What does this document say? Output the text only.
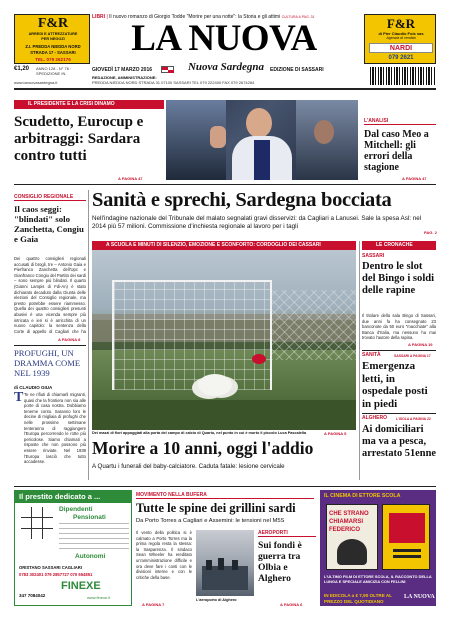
F&R
ARREDI E ATTREZZATURE
PER NEGOZI
Z.I. PREDDA NIEDDA NORD
STRADA 17 - SASSARI
TEL. 079 262176
LIBRI | Il nuovo romanzo di Giorgio Todde "Morire per una notte": la Storia e gli attimi CULTURA A PAG. 31
LA NUOVA
Nuova Sardegna	EDIZIONE DI SASSARI
F&R
di Pier Claudio Fois sas
Agenzia di vendita
NARDI
079 2621
€1,20 ANNO 128 - N° 76 · SPEDIZIONE IN
www.lanuovasardegna.it
GIOVEDÌ 17 MARZO 2016
REDAZIONE, AMMINISTRAZIONE:
PREDDA NIEDDA NORD STRADA 31 07100 SASSARI TEL 079 222400 FAX 079 2674284
IL PRESIDENTE E LA CRISI DINAMO
Scudetto, Eurocup e arbitraggi: Sardara contro tutti
A PAGINA 47
L'ANALISI
Dal caso Meo a Mitchell: gli errori della stagione
A PAGINA 47
Sanità e sprechi, Sardegna bocciata
Nell'indagine nazionale del Tribunale del malato segnalati gravi disservizi: da Cagliari a Lanusei. Sale la spesa Asl: nel 2014 più 57 milioni. Commissione d'inchiesta regionale al lavoro per i tagli
PAG. 2
CONSIGLIO REGIONALE
Il caos seggi: "blindati" solo Zanchetta, Congiu e Gaia
Dei quattro consiglieri regionali accusati di brogli, tre – Antonio Gaia e Pierfranco Zanchetta dell'Upc e Gianfranco Congiu del Partito dei sardi – sono sempre più blindati. Il quarto (Gianni Lampis di Fdi-An) è stato dichiarato decaduto dalla Giunta delle elezioni del Consiglio regionale, ma presto potrebbe essere riammesso. Quella dei quattro consiglieri presunti abusivi è una vicenda sempre più intricata e ieri si è arricchita di un nuovo capitolo: la sentenza della Corte di appello di Cagliari che ha
A PAGINA 8
PROFUGHI, UN DRAMMA COME NEL 1939
di CLAUDIO GIUA
T Te ne rifiuti di chiamarli migranti, quasi che la frontiera non sia alle porte di casa nostra. Dobbiamo tenerne conto. Saranno loro le decine di migliaia di profughi che nelle prossime settimane tenteranno di raggiungere l'Europa percorrendo le rotte più pericolose. Siamo chiamati a risposte che non possono più essere rinviate. Nel 1939 l'Europa lasciò che tutto accadesse.
A SCUOLA E MINUTI DI SILENZIO, EMOZIONE E SCONFORTO: CORDOGLIO DEI CASSARI
Dei mazzi di fiori appoggiati alla porta del campo di calcio di Quartu, nel punto in cui è morto il piccolo Luca Pascalella	A PAGINA 5
Morire a 10 anni, oggi l'addio
A Quartu i funerali del baby-calciatore. Caduta fatale: lesione cervicale
LE CRONACHE
SASSARI
Dentro le slot del Bingo i soldi delle rapine
Il titolare della sala Bingo di Sassari, due anni fa ha consegnato 23 banconote da 50 euro "macchiate" alla Banca d'Italia, ma nessuno ha mai trovato l'autore della rapina.
A PAGINA 19
SANITÀ	SASSARI A PAGINA 17
Emergenza letti, in ospedale posti in piedi
ALGHERO	L'ISOLA A PAGINA 22
Ai domiciliari ma va a pesca, arrestato 51enne
Il prestito dedicato a ...
Dipendenti
Pensionati
Autonomi
ORISTANO SASSARI CAGLIARI
0783 302401 079 2857727 070 654851
FINEXE
347 7084042	www.finexe.it
MOVIMENTO NELLA BUFERA
Tutte le spine dei grillini sardi
Da Porto Torres a Cagliari e Assemini: le tensioni nel M5S
Il vento della politica si è calmato a Porto Torres ma la prima regola resta la stessa: la trasparenza. Il sindaco Sean Wheeler ha ereditato un'amministrazione difficile e ora deve fare i conti con le divisioni interne e con le critiche della base.
L'aeroporto di Alghero
A PAGINA 7
AEROPORTI
Sui fondi è guerra tra Olbia e Alghero
A PAGINA 6
IL CINEMA DI ETTORE SCOLA
CHE STRANO
CHIAMARSI
FEDERICO
L'ULTIMO FILM DI ETTORE SCOLA, IL RACCONTO DELLA LUNGA E SPECIALE AMICIZIA CON FELLINI
IN EDICOLA a € 7,90 OLTRE AL PREZZO DEL QUOTIDIANO
LA NUOVA
